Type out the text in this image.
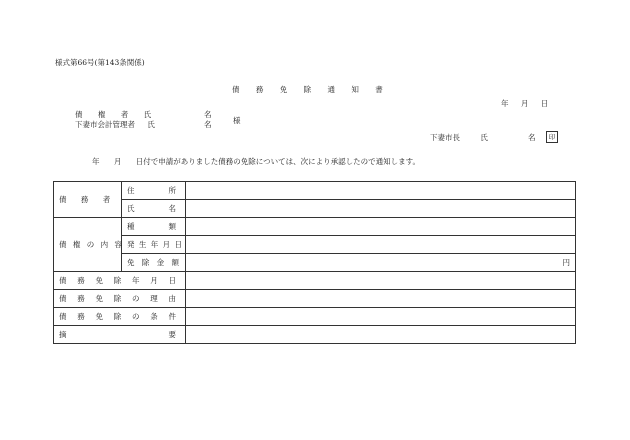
様式第66号(第143条関係)
債 務 免 除 通 知 書
年 月 日
債 権 者 氏	名
下妻市会計管理者 氏	名	様
下妻市長 氏	名	印
年 月 日付で申請がありました債務の免除については、次により承認したので通知します。
債 務 者	住 所	
	氏 名	
債 権 の 内 容	種 類	
	発 生 年 月 日	
	免 除 金 額	円
債 務 免 除 年 月 日		
債 務 免 除 の 理 由		
債 務 免 除 の 条 件		
摘 要		
